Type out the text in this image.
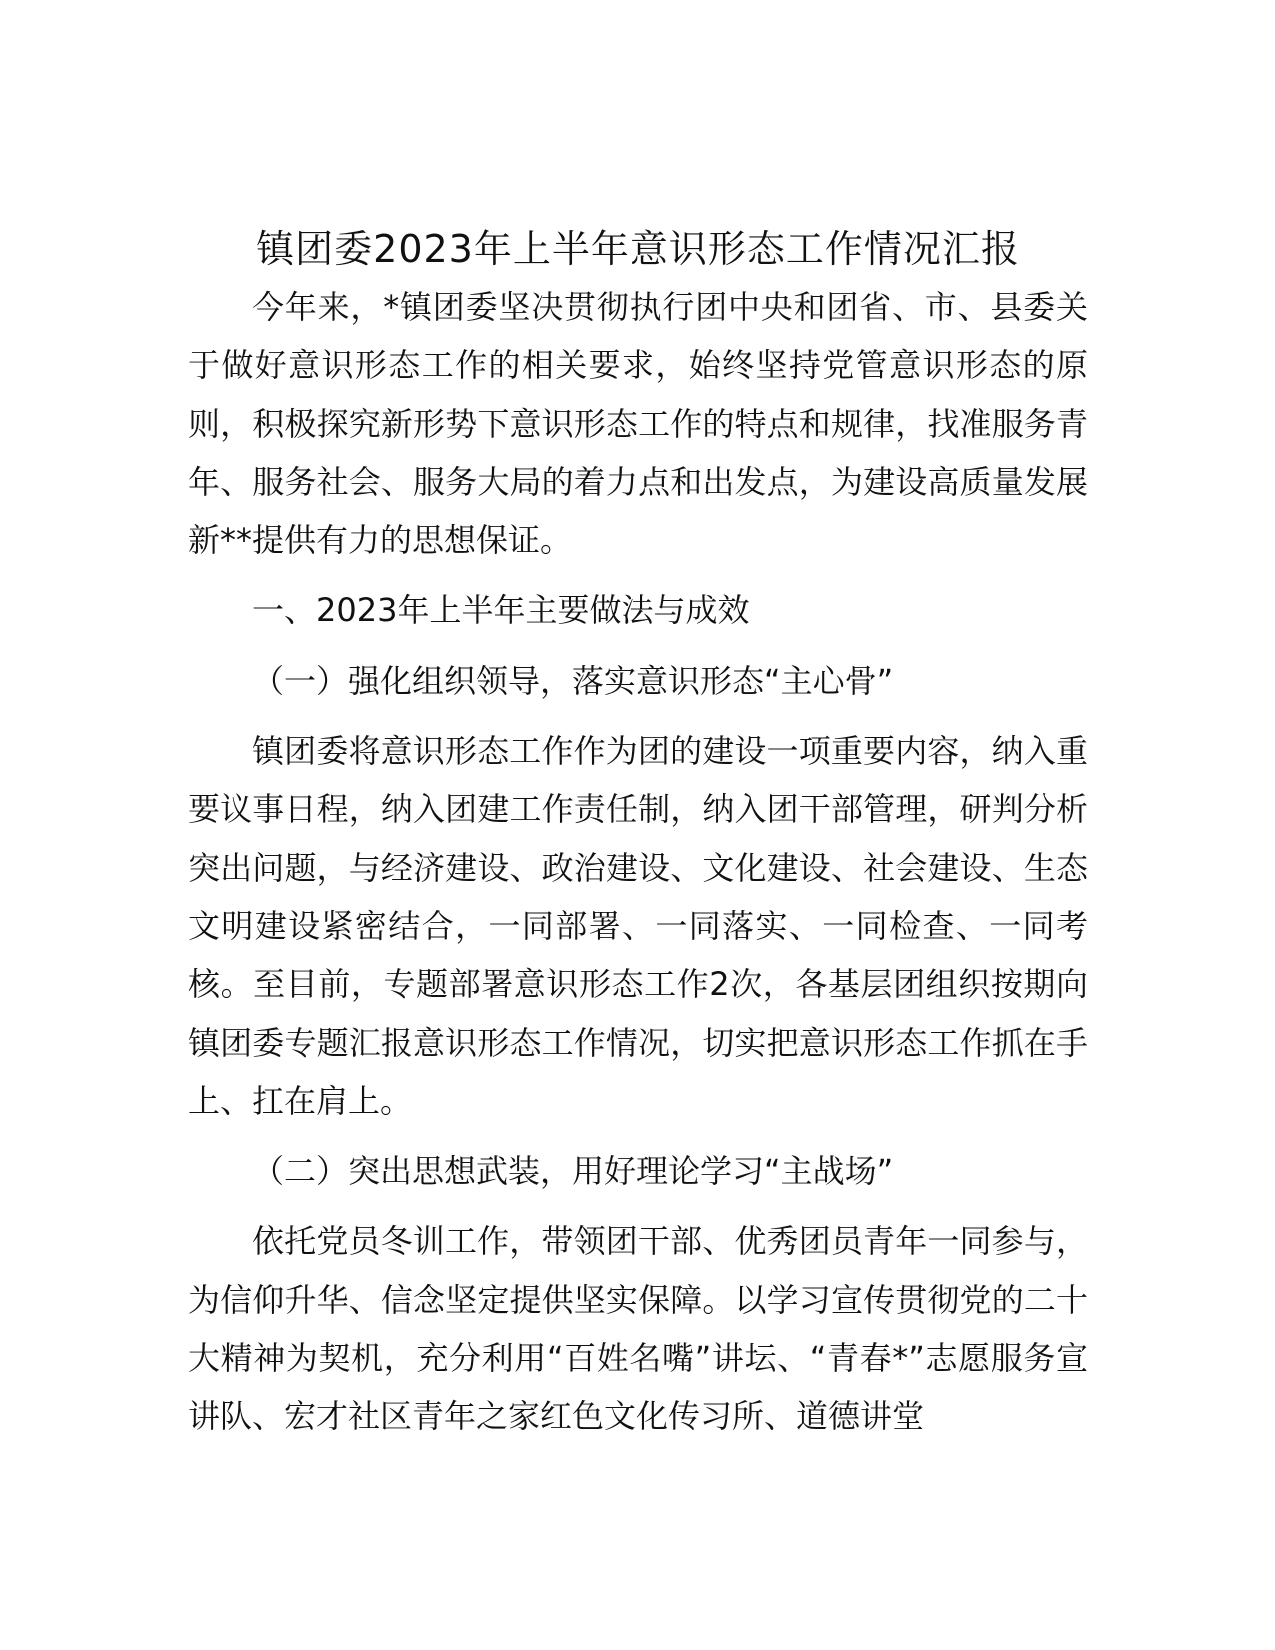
镇团委2023年上半年意识形态工作情况汇报

今年来，*镇团委坚决贯彻执行团中央和团省、市、县委关于做好意识形态工作的相关要求，始终坚持党管意识形态的原则，积极探究新形势下意识形态工作的特点和规律，找准服务青年、服务社会、服务大局的着力点和出发点，为建设高质量发展新**提供有力的思想保证。

一、2023年上半年主要做法与成效

（一）强化组织领导，落实意识形态“主心骨”

镇团委将意识形态工作作为团的建设一项重要内容，纳入重要议事日程，纳入团建工作责任制，纳入团干部管理，研判分析突出问题，与经济建设、政治建设、文化建设、社会建设、生态文明建设紧密结合，一同部署、一同落实、一同检查、一同考核。至目前，专题部署意识形态工作2次，各基层团组织按期向镇团委专题汇报意识形态工作情况，切实把意识形态工作抓在手上、扛在肩上。

（二）突出思想武装，用好理论学习“主战场”

依托党员冬训工作，带领团干部、优秀团员青年一同参与，为信仰升华、信念坚定提供坚实保障。以学习宣传贯彻党的二十大精神为契机，充分利用“百姓名嘴”讲坛、“青春*”志愿服务宣讲队、宏才社区青年之家红色文化传习所、道德讲堂
